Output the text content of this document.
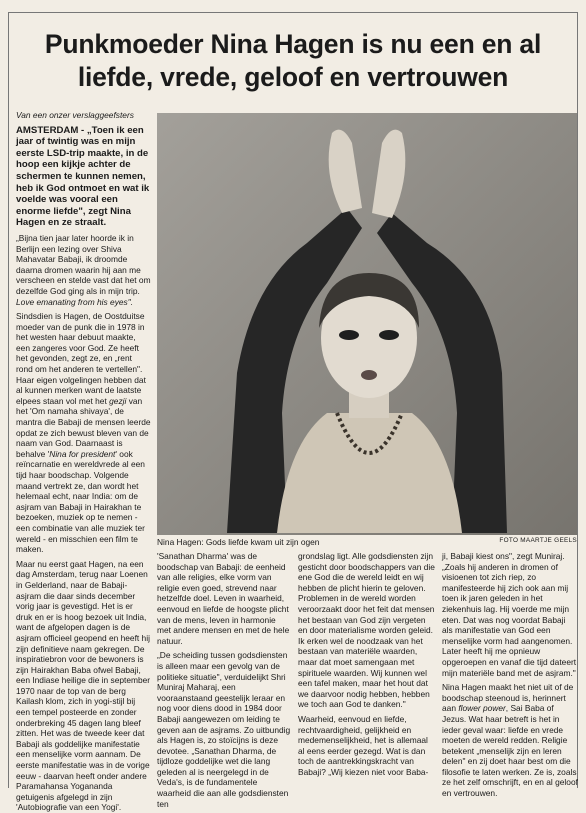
Punkmoeder Nina Hagen is nu een en al
liefde, vrede, geloof en vertrouwen

Van een onzer verslaggeefsters

AMSTERDAM - „Toen ik een jaar of twintig was en mijn eerste LSD-trip maakte, in de hoop een kijkje achter de schermen te kunnen nemen, heb ik God ontmoet en wat ik voelde was vooral een enorme liefde", zegt Nina Hagen en ze straalt.

„Bijna tien jaar later hoorde ik in Berlijn een lezing over Shiva Mahavatar Babaji, ik droomde daarna dromen waarin hij aan me verscheen en stelde vast dat het om dezelfde God ging als in mijn trip. Love emanating from his eyes".

Sindsdien is Hagen, de Oostduitse moeder van de punk die in 1978 in het westen haar debuut maakte, een zangeres voor God. Ze heeft het gevonden, zegt ze, en „rent rond om het anderen te vertellen". Haar eigen volgelingen hebben dat al kunnen merken want de laatste elpees staan vol met het gezji van het 'Om namaha shivaya', de mantra die Babaji de mensen leerde opdat ze zich bewust bleven van de naam van God. Daarnaast is behalve 'Nina for president' ook reïncarnatie en wereldvrede al een tijd haar boodschap. Volgende maand vertrekt ze, dan wordt het helemaal echt, naar India: om de asjram van Babaji in Hairakhan te bezoeken, muziek op te nemen - een combinatie van alle muziek ter wereld - en misschien een film te maken.

Maar nu eerst gaat Hagen, na een dag Amsterdam, terug naar Loenen in Gelderland, naar de Babaji-asjram die daar sinds december vorig jaar is gevestigd. Het is er druk en er is hoog bezoek uit India, want de afgelopen dagen is de asjram officieel geopend en heeft hij zijn definitieve naam gekregen. De inspiratiebron voor de bewoners is zijn Hairakhan Baba ofwel Babaji, een Indiase heilige die in september 1970 naar de top van de berg Kailash klom, zich in yogi-stijl bij een tempel posteerde en zonder onderbreking 45 dagen lang bleef zitten. Het was de tweede keer dat Babaji als goddelijke manifestatie een menselijke vorm aannam. De eerste manifestatie was in de vorige eeuw - daarvan heeft onder andere Paramahansa Yogananda getuigenis afgelegd in zijn 'Autobiografie van een Yogi'.

Nina Hagen: Gods liefde kwam uit zijn ogen	FOTO MAARTJE GEELS

'Sanathan Dharma' was de boodschap van Babaji: de eenheid van alle religies, elke vorm van religie even goed, strevend naar hetzelfde doel. Leven in waarheid, eenvoud en liefde de hoogste plicht van de mens, leven in harmonie met andere mensen en met de hele natuur.

„De scheiding tussen godsdiensten is alleen maar een gevolg van de politieke situatie", verduidelijkt Shri Muniraj Maharaj, een vooraanstaand geestelijk leraar en nog voor diens dood in 1984 door Babaji aangewezen om leiding te geven aan de asjrams. Zo uitbundig als Hagen is, zo stoïcijns is deze devotee. „Sanathan Dharma, de tijdloze goddelijke wet die lang geleden al is neergelegd in de Veda's, is de fundamentele waarheid die aan alle godsdiensten ten

grondslag ligt. Alle godsdiensten zijn gesticht door boodschappers van die ene God die de wereld leidt en wij hebben de plicht hierin te geloven. Problemen in de wereld worden veroorzaakt door het feit dat mensen het bestaan van God zijn vergeten en door materialisme worden geleid. Ik erken wel de noodzaak van het bestaan van materiële waarden, maar dat moet samengaan met spirituele waarden. Wij kunnen wel een tafel maken, maar het hout dat we daarvoor nodig hebben, hebben we toch aan God te danken."

Waarheid, eenvoud en liefde, rechtvaardigheid, gelijkheid en medemenselijkheid, het is allemaal al eens eerder gezegd. Wat is dan toch de aantrekkingskracht van Babaji? „Wij kiezen niet voor Baba-

ji, Babaji kiest ons", zegt Muniraj. „Zoals hij anderen in dromen of visioenen tot zich riep, zo manifesteerde hij zich ook aan mij toen ik jaren geleden in het ziekenhuis lag. Hij voerde me mijn eten. Dat was nog voordat Babaji als manifestatie van God een menselijke vorm had aangenomen. Later heeft hij me opnieuw opgeroepen en vanaf die tijd dateert mijn materiële band met de asjram."

Nina Hagen maakt het niet uit of de boodschap steenoud is, herinnert aan flower power, Sai Baba of Jezus. Wat haar betreft is het in ieder geval waar: liefde en vrede moeten de wereld redden. Religie betekent „menselijk zijn en leren delen" en zij doet haar best om die filosofie te laten werken. Ze is, zoals ze het zelf omschrijft, en en al geloof en vertrouwen.
